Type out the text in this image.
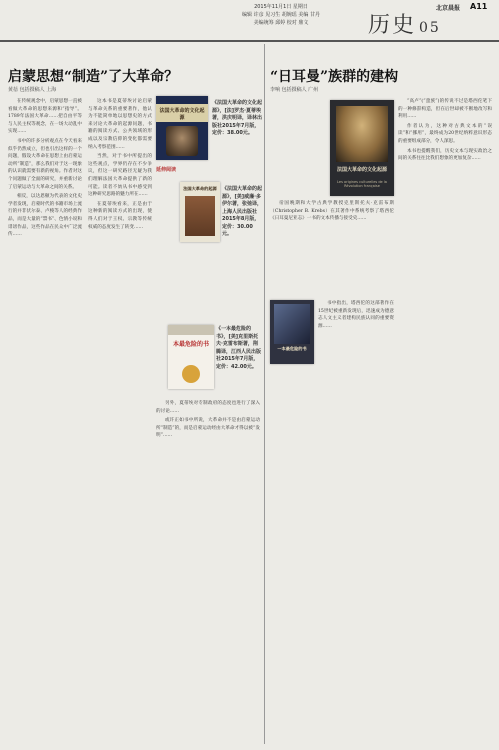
2015年11月1日 星期日
编辑 许彦 见习生 胡婉瑶 美编 甘丹
美编统筹 邱婷 校对 鼎文	历史 05
北京晨报 A11
启蒙思想“制造”了大革命？
黄蓓 包括摄稿人 上海

在传统观念中，启蒙思想一直被看做大革命的思想来源和“指导”。1789年法国大革命……把自由平等与人民主权等观念，在一场大动乱中实现……

书中的许多分析观点在今天看来似乎仍然成立，但也引出这样的一个问题，假设大革命在思想上由启蒙运动所“制造”，那么我们对于这一现象的认识就需要有新的视角。作者对这个问题做了全面的研究，并重新讨论了启蒙运动与大革命之间的关系。

相反，以达恩顿为代表的文化史学者发现，启蒙时代的书籍市场上流行的并非伏尔泰、卢梭等人的经典作品，而是大量的“禁书”、色情小说和诽谤作品，这些作品在民众中广泛流传……

这本书是夏蒂埃讨论启蒙与革命关系的重要著作，他认为不能简单地以思想史的方式来讨论大革命的起源问题，书籍的阅读方式、公共领域的形成以及宗教信仰的变化都需要纳入考察范围……

当然，对于书中所提出的这些观点，学界仍存在不少争议，但这一研究路径无疑为我们理解法国大革命提供了新的可能。读者不妨从书中感受到这种研究思路的魅力所在……

在夏蒂埃看来，正是由于这种新的阅读方式的出现，使得人们对于王权、宗教等传统权威的态度发生了转变……

另外，夏蒂埃对专制政府的态度也进行了深入的讨论……

或许正如书中所说，大革命并不是由启蒙运动所“制造”的，而是启蒙运动经由大革命才得以被“发明”……

法国大革命的文化起源
《法国大革命的文化起源》，[法]罗杰·夏蒂埃著，洪庆明译，译林出版社2015年7月版，定价：38.00元。
延伸阅读
法国大革命的起源 《法国大革命的起源》，[美]威廉·多伊尔著，张弛译，上海人民出版社2015年8月版，定价：30.00元。
本最危险的书
《一本最危险的书》，[美]克里斯托夫·克雷布斯著，荆腾译，江西人民出版社2015年7月版，定价：42.00元。
“日耳曼”族群的建构
李响 包括摄稿人 广州
法国大革命的文化起源
Les origines culturelles de la Révolution française

“高卢”(“蛮族”)的传说不过是塔西佗笔下的一种修辞构造，但在后世却被不断地改写和利用……

作者认为，这种对古典文本的“误读”和“挪用”，最终成为20世纪纳粹意识形态的重要组成部分，令人深思。

本书也提醒我们，历史文本与现实政治之间的关系往往比我们想象的更加复杂……

帝国晚期和大学古典学教授克里斯托夫·克雷布斯（Christopher B. Krebs）在其著作中系统考察了塔西佗《日耳曼尼亚志》一书的文本传播与接受史……

书中指出，塔西佗的这部著作在15世纪被重新发现后，迅速成为德意志人文主义者建构民族认同的重要资源……

一本最危险的书
